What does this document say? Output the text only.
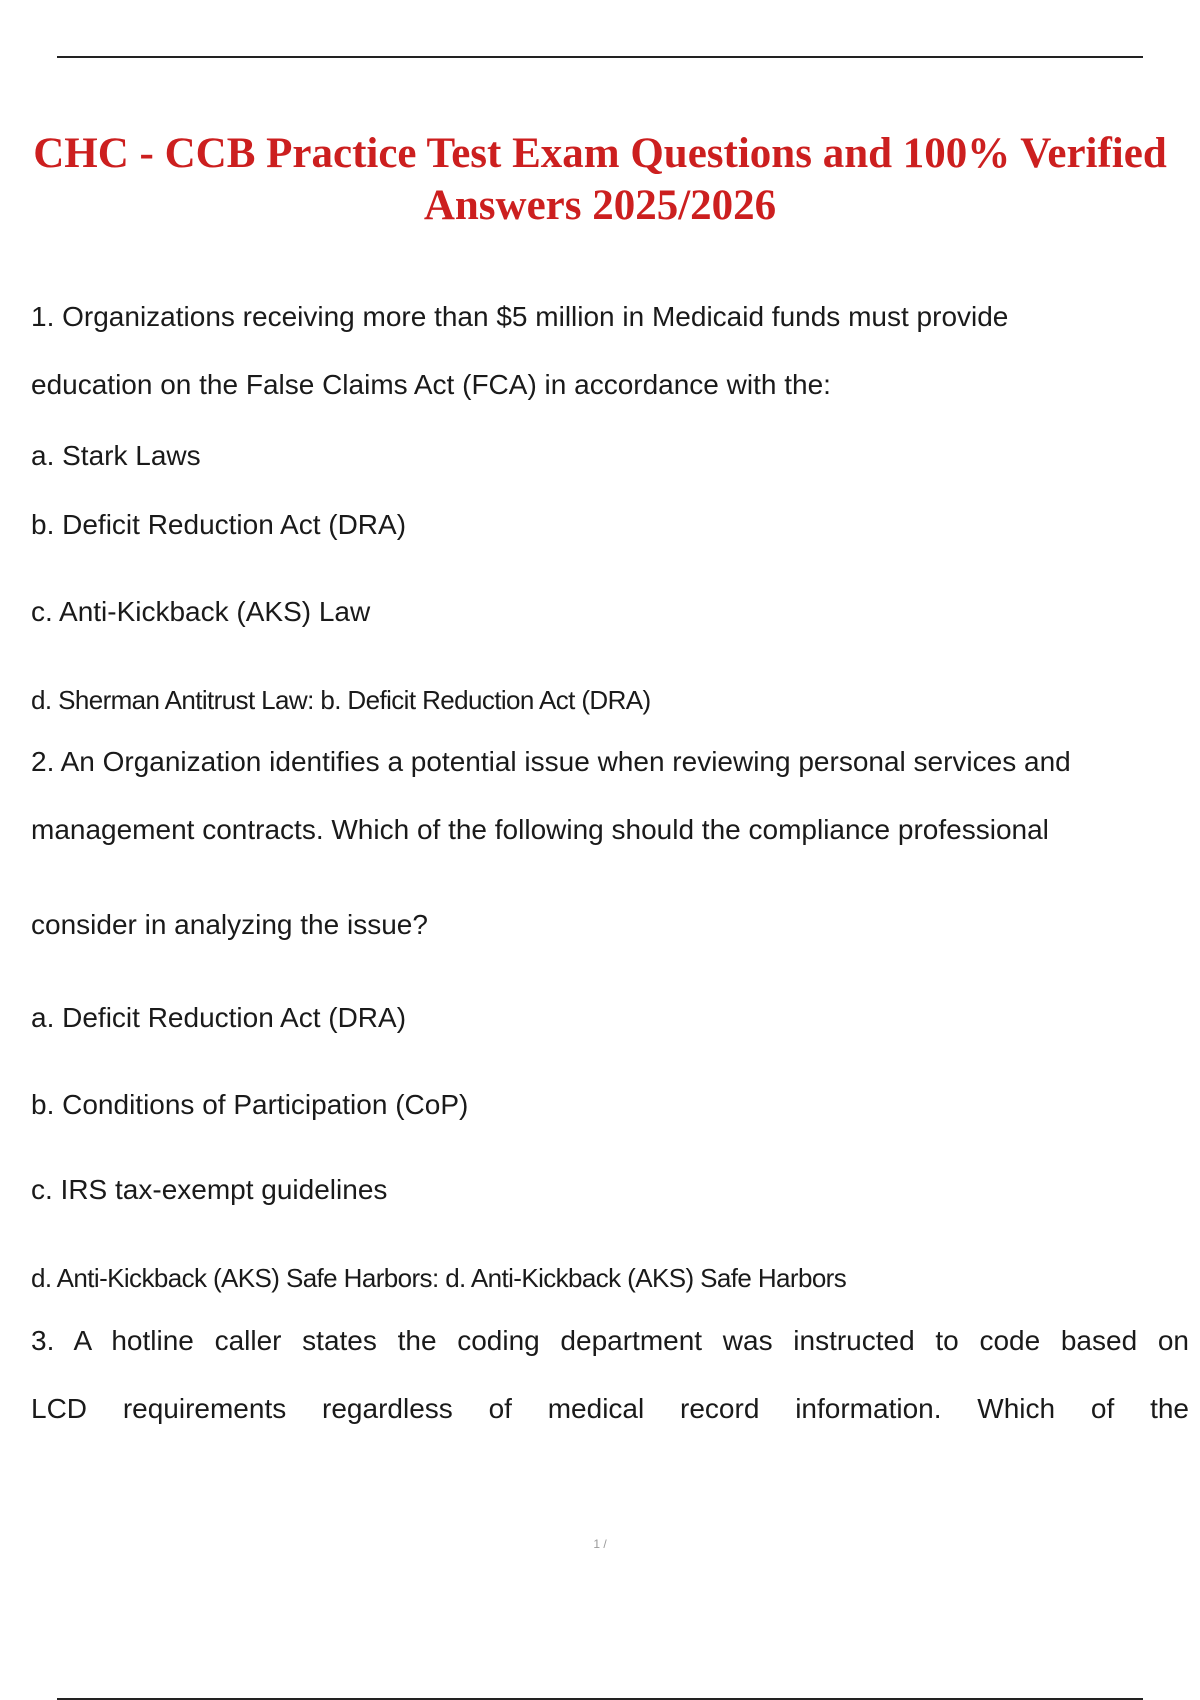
CHC - CCB Practice Test Exam Questions and 100% Verified
Answers 2025/2026

1. Organizations receiving more than $5 million in Medicaid funds must provide

education on the False Claims Act (FCA) in accordance with the:

a. Stark Laws

b. Deficit Reduction Act (DRA)

c. Anti-Kickback (AKS) Law

d. Sherman Antitrust Law: b. Deficit Reduction Act (DRA)

2. An Organization identifies a potential issue when reviewing personal services and

management contracts. Which of the following should the compliance professional

consider in analyzing the issue?

a. Deficit Reduction Act (DRA)

b. Conditions of Participation (CoP)

c. IRS tax-exempt guidelines

d. Anti-Kickback (AKS) Safe Harbors: d. Anti-Kickback (AKS) Safe Harbors

3. A hotline caller states the coding department was instructed to code based on

LCD requirements regardless of medical record information. Which of the

1 /
